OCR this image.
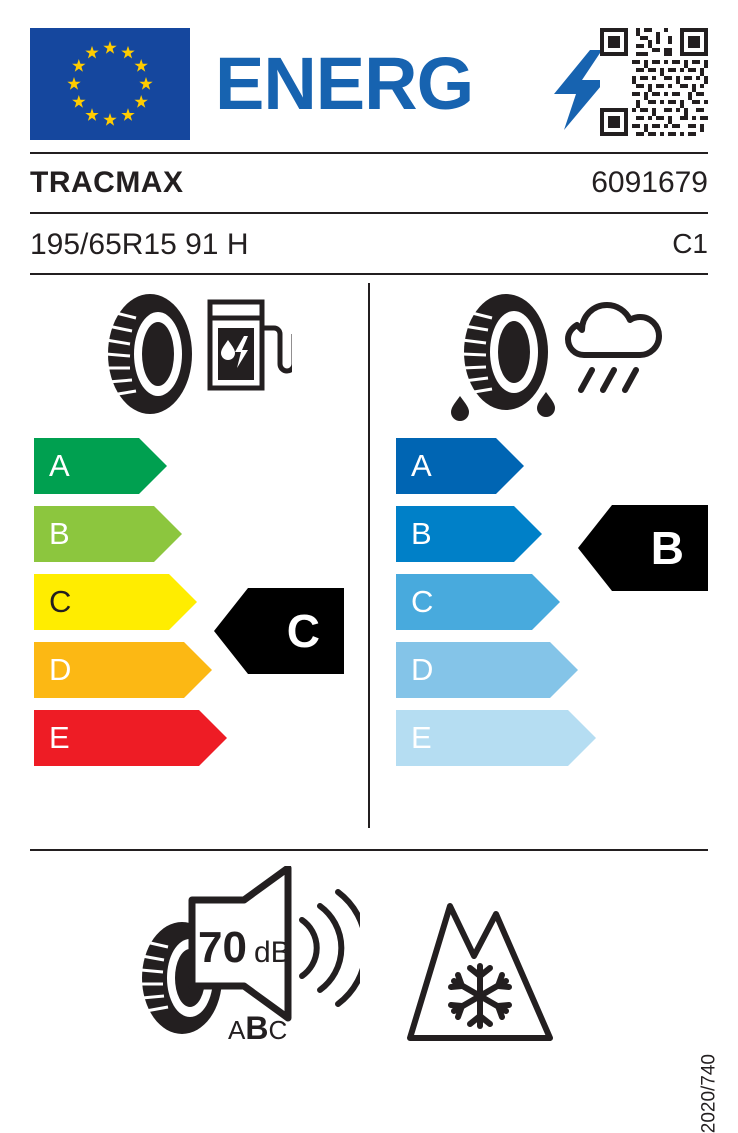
ENERG
TRACMAX	6091679
195/65R15 91 H	C1
A
B
C
D
E
A
B
C
D
E
C
B
70 dB
ABC
2020/740
